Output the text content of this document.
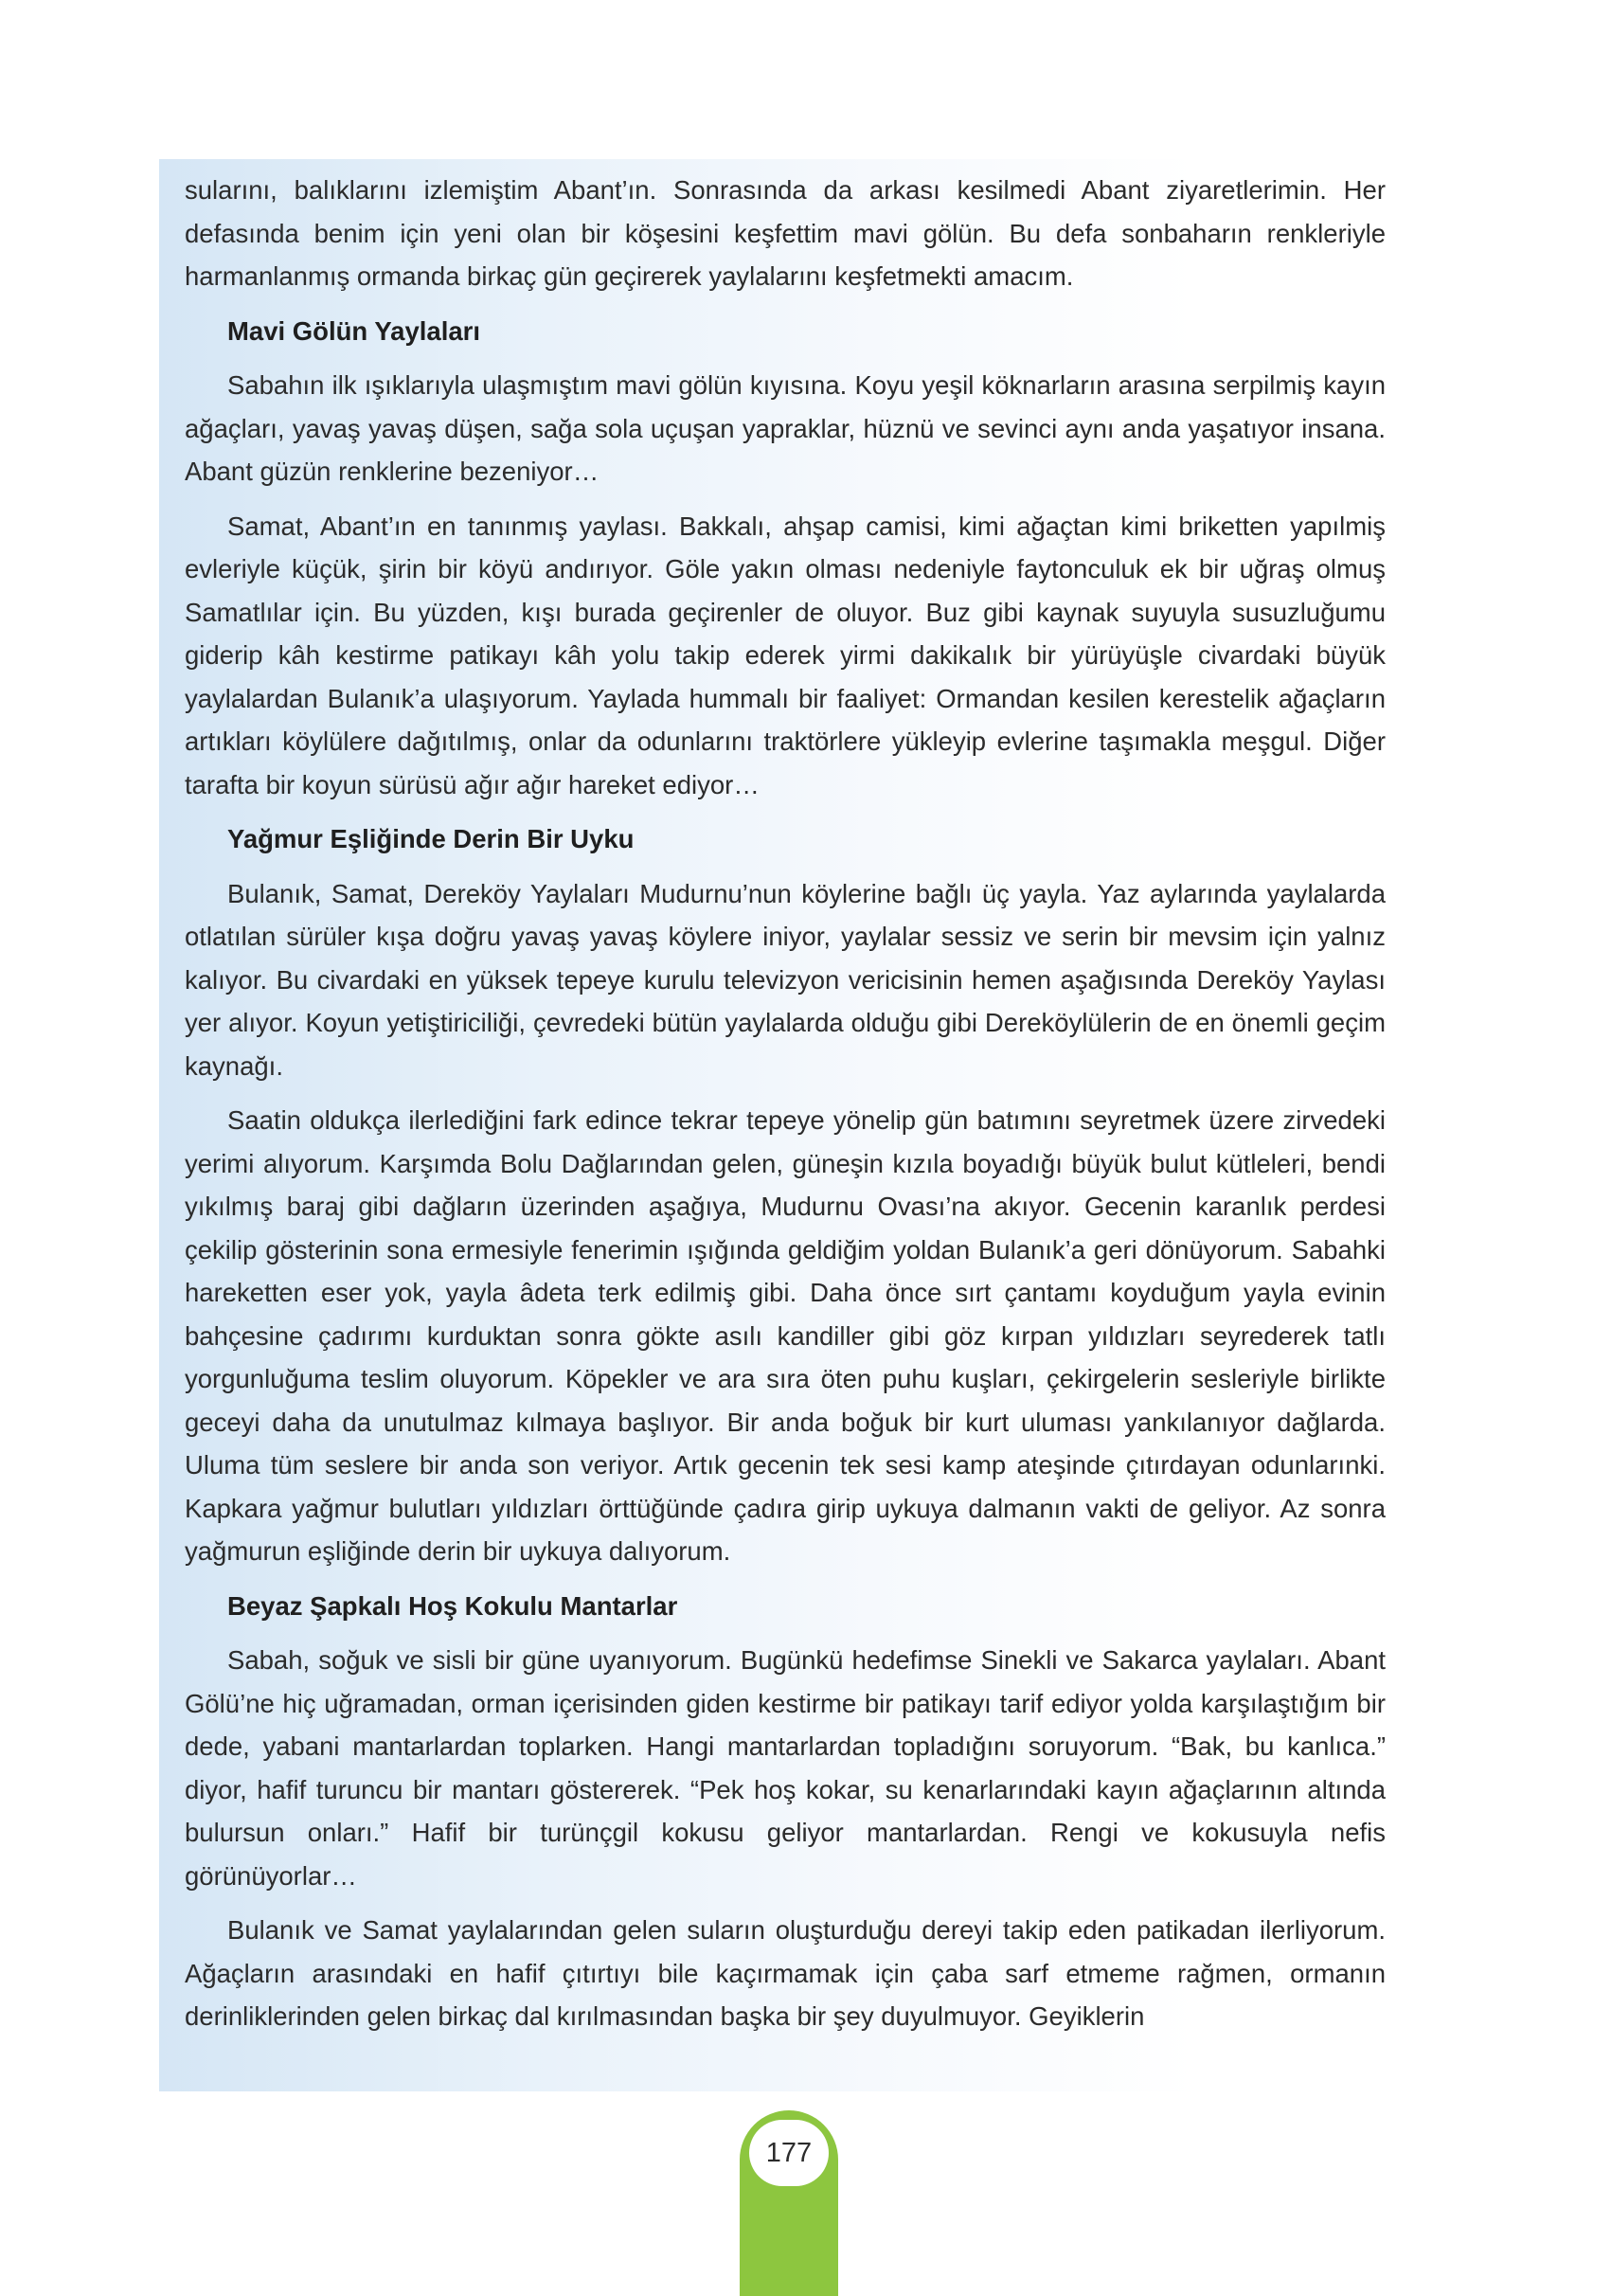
sularını, balıklarını izlemiştim Abant’ın. Sonrasında da arkası kesilmedi Abant ziyaretlerimin. Her defasında benim için yeni olan bir köşesini keşfettim mavi gölün. Bu defa sonbaharın renkleriyle harmanlanmış ormanda birkaç gün geçirerek yaylalarını keşfetmekti amacım.

Mavi Gölün Yaylaları

Sabahın ilk ışıklarıyla ulaşmıştım mavi gölün kıyısına. Koyu yeşil köknarların arasına serpilmiş kayın ağaçları, yavaş yavaş düşen, sağa sola uçuşan yapraklar, hüznü ve sevinci aynı anda yaşatıyor insana. Abant güzün renklerine bezeniyor…

Samat, Abant’ın en tanınmış yaylası. Bakkalı, ahşap camisi, kimi ağaçtan kimi briketten yapılmiş evleriyle küçük, şirin bir köyü andırıyor. Göle yakın olması nedeniyle faytonculuk ek bir uğraş olmuş Samatlılar için. Bu yüzden, kışı burada geçirenler de oluyor. Buz gibi kaynak suyuyla susuzluğumu giderip kâh kestirme patikayı kâh yolu takip ederek yirmi dakikalık bir yürüyüşle civardaki büyük yaylalardan Bulanık’a ulaşıyorum. Yaylada hummalı bir faaliyet: Ormandan kesilen kerestelik ağaçların artıkları köylülere dağıtılmış, onlar da odunlarını traktörlere yükleyip evlerine taşımakla meşgul. Diğer tarafta bir koyun sürüsü ağır ağır hareket ediyor…

Yağmur Eşliğinde Derin Bir Uyku

Bulanık, Samat, Dereköy Yaylaları Mudurnu’nun köylerine bağlı üç yayla. Yaz aylarında yaylalarda otlatılan sürüler kışa doğru yavaş yavaş köylere iniyor, yaylalar sessiz ve serin bir mevsim için yalnız kalıyor. Bu civardaki en yüksek tepeye kurulu televizyon vericisinin hemen aşağısında Dereköy Yaylası yer alıyor. Koyun yetiştiriciliği, çevredeki bütün yaylalarda olduğu gibi Dereköylülerin de en önemli geçim kaynağı.

Saatin oldukça ilerlediğini fark edince tekrar tepeye yönelip gün batımını seyretmek üzere zirvedeki yerimi alıyorum. Karşımda Bolu Dağlarından gelen, güneşin kızıla boyadığı büyük bulut kütleleri, bendi yıkılmış baraj gibi dağların üzerinden aşağıya, Mudurnu Ovası’na akıyor. Gecenin karanlık perdesi çekilip gösterinin sona ermesiyle fenerimin ışığında geldiğim yoldan Bulanık’a geri dönüyorum. Sabahki hareketten eser yok, yayla âdeta terk edilmiş gibi. Daha önce sırt çantamı koyduğum yayla evinin bahçesine çadırımı kurduktan sonra gökte asılı kandiller gibi göz kırpan yıldızları seyrederek tatlı yorgunluğuma teslim oluyorum. Köpekler ve ara sıra öten puhu kuşları, çekirgelerin sesleriyle birlikte geceyi daha da unutulmaz kılmaya başlıyor. Bir anda boğuk bir kurt uluması yankılanıyor dağlarda. Uluma tüm seslere bir anda son veriyor. Artık gecenin tek sesi kamp ateşinde çıtırdayan odunlarınki. Kapkara yağmur bulutları yıldızları örttüğünde çadıra girip uykuya dalmanın vakti de geliyor. Az sonra yağmurun eşliğinde derin bir uykuya dalıyorum.

Beyaz Şapkalı Hoş Kokulu Mantarlar

Sabah, soğuk ve sisli bir güne uyanıyorum. Bugünkü hedefimse Sinekli ve Sakarca yaylaları. Abant Gölü’ne hiç uğramadan, orman içerisinden giden kestirme bir patikayı tarif ediyor yolda karşılaştığım bir dede, yabani mantarlardan toplarken. Hangi mantarlardan topladığını soruyorum. “Bak, bu kanlıca.” diyor, hafif turuncu bir mantarı göstererek. “Pek hoş kokar, su kenarlarındaki kayın ağaçlarının altında bulursun onları.” Hafif bir turünçgil kokusu geliyor mantarlardan. Rengi ve kokusuyla nefis görünüyorlar…

Bulanık ve Samat yaylalarından gelen suların oluşturduğu dereyi takip eden patikadan ilerliyorum. Ağaçların arasındaki en hafif çıtırtıyı bile kaçırmamak için çaba sarf etmeme rağmen, ormanın derinliklerinden gelen birkaç dal kırılmasından başka bir şey duyulmuyor. Geyiklerin

177
